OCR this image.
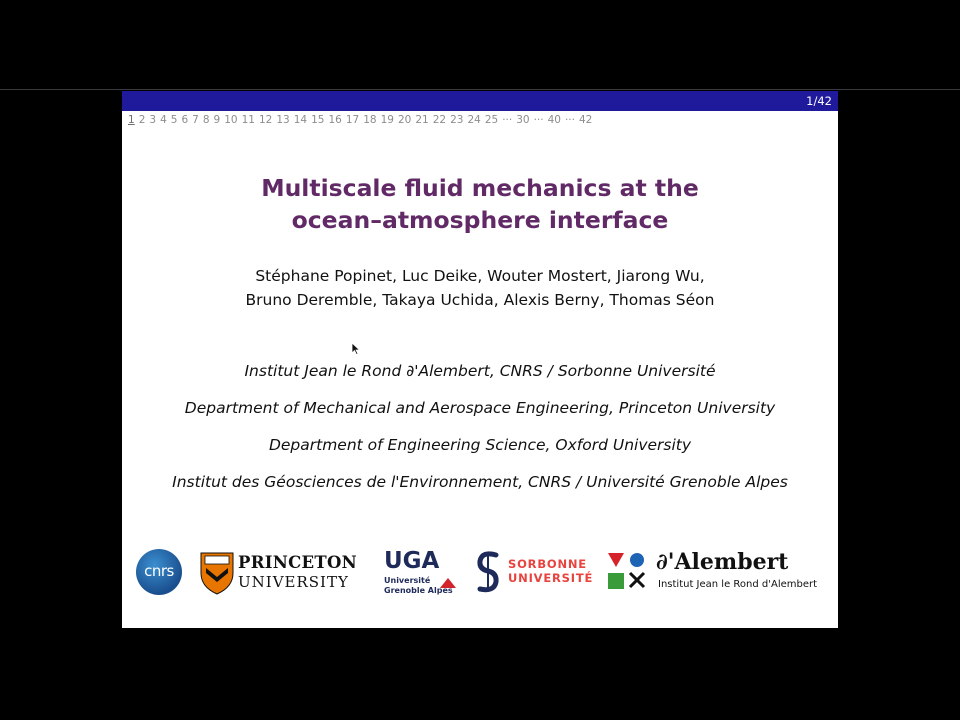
1/42
1 2 3 4 5 6 7 8 9 10 11 12 13 14 15 16 17 18 19 20 21 22 23 24 25 ··· 30 ··· 40 ··· 42
Multiscale fluid mechanics at the
ocean–atmosphere interface
Stéphane Popinet, Luc Deike, Wouter Mostert, Jiarong Wu,
Bruno Deremble, Takaya Uchida, Alexis Berny, Thomas Séon
Institut Jean le Rond ∂'Alembert, CNRS / Sorbonne Université
Department of Mechanical and Aerospace Engineering, Princeton University
Department of Engineering Science, Oxford University
Institut des Géosciences de l'Environnement, CNRS / Université Grenoble Alpes
cnrs	PRINCETON
UNIVERSITY
UGA
Université
Grenoble Alpes
SORBONNE
UNIVERSITÉ
∂'Alembert
Institut Jean le Rond d'Alembert
